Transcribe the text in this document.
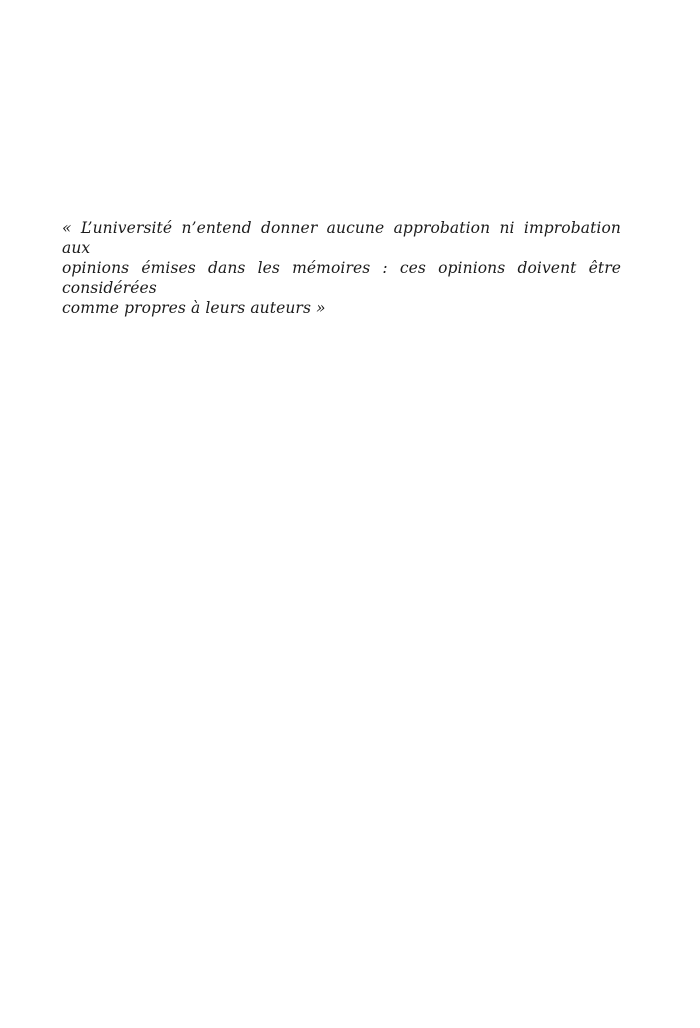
« L’université n’entend donner aucune approbation ni improbation aux
opinions émises dans les mémoires : ces opinions doivent être considérées
comme propres à leurs auteurs »
